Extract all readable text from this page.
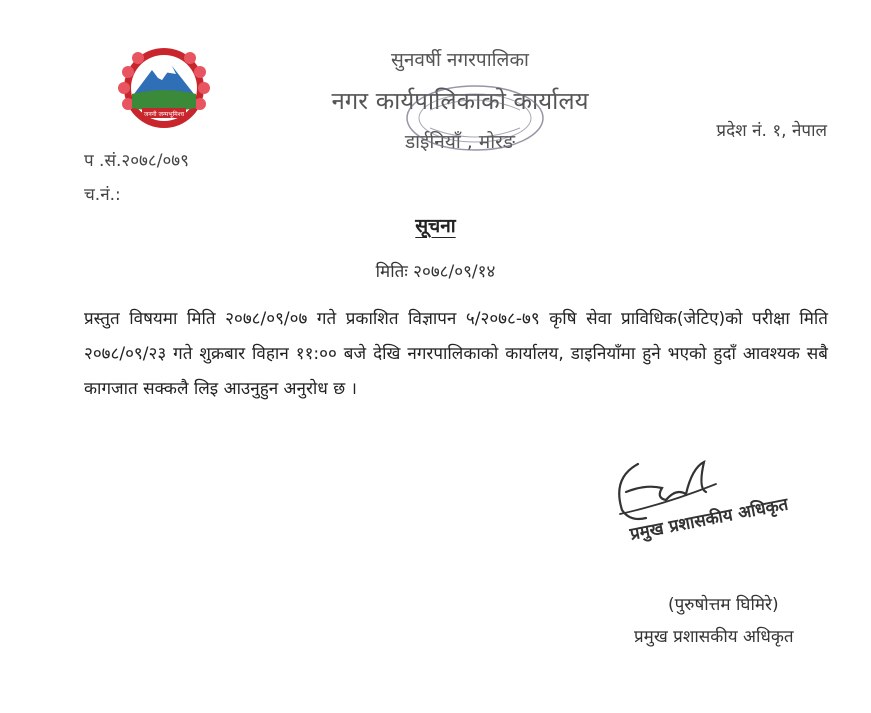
जननी जन्मभूमिश्च
सुनवर्षी नगरपालिका
नगर कार्यपालिकाको कार्यालय
डाईनियाँ , मोरङ	प्रदेश नं. १, नेपाल
प .सं.२०७८/०७९
च.नं.:
सूचना
मितिः २०७८/०९/१४
प्रस्तुत विषयमा मिति २०७८/०९/०७ गते प्रकाशित विज्ञापन ५/२०७८-७९ कृषि सेवा प्राविधिक(जेटिए)को परीक्षा मिति २०७८/०९/२३ गते शुक्रबार विहान ११:०० बजे देखि नगरपालिकाको कार्यालय, डाइनियाँमा हुने भएको हुदाँ आवश्यक सबै कागजात सक्कलै लिइ आउनुहुन अनुरोध छ ।
प्रमुख प्रशासकीय अधिकृत
(पुरुषोत्तम घिमिरे)
प्रमुख प्रशासकीय अधिकृत
